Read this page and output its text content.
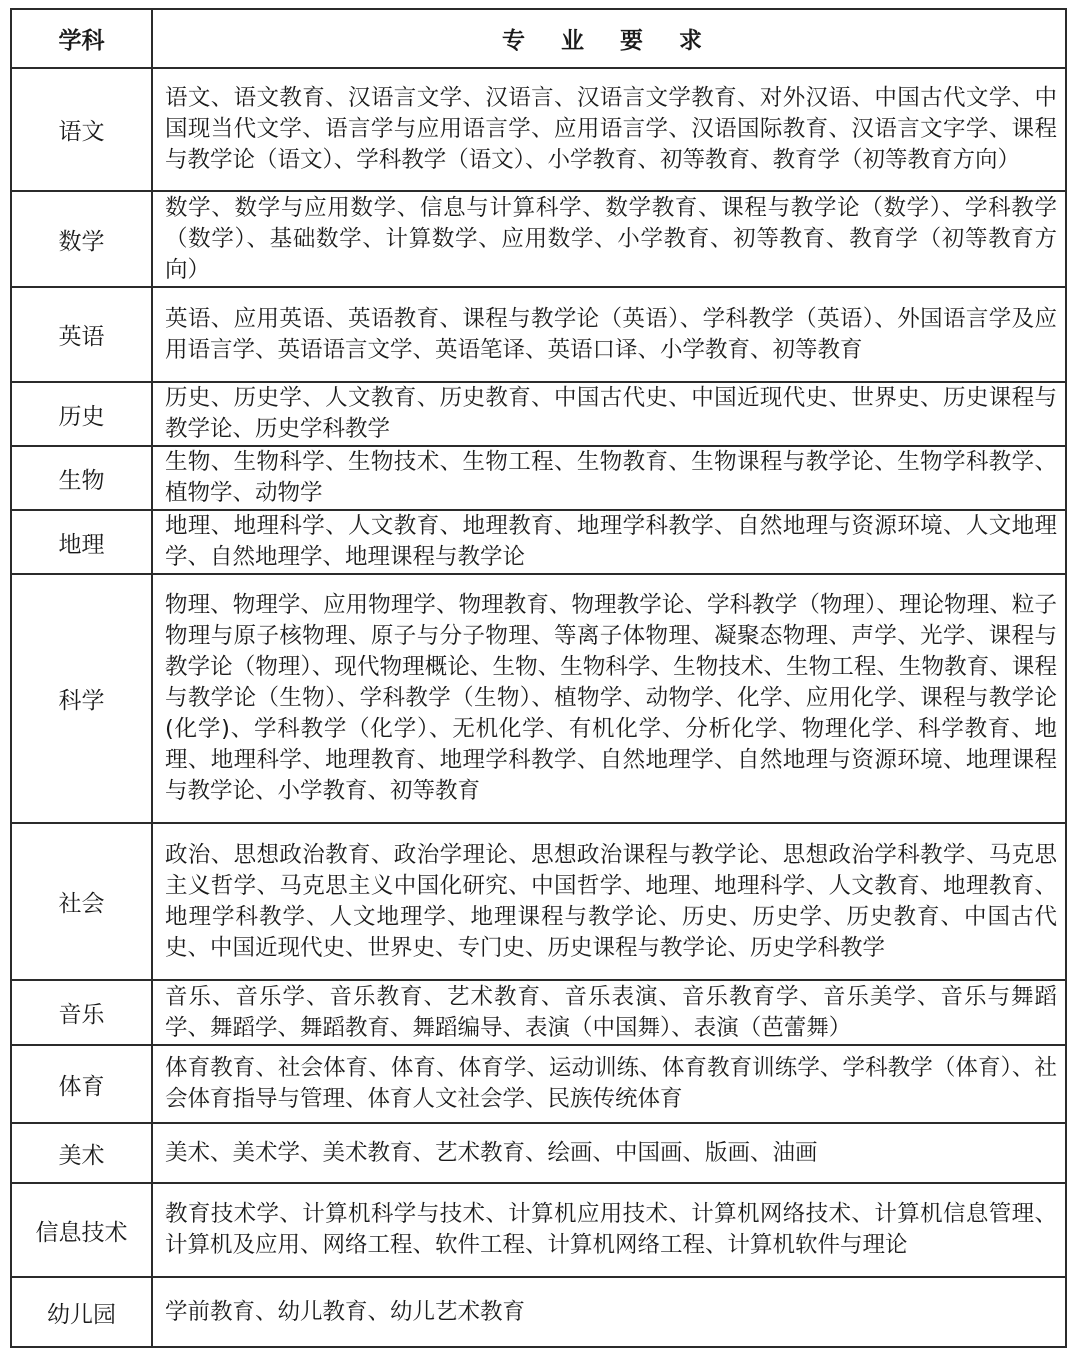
学科	专 业 要 求
语文	语文、语文教育、汉语言文学、汉语言、汉语言文学教育、对外汉语、中国古代文学、中国现当代文学、语言学与应用语言学、应用语言学、汉语国际教育、汉语言文字学、课程与教学论（语文）、学科教学（语文）、小学教育、初等教育、教育学（初等教育方向）
数学	数学、数学与应用数学、信息与计算科学、数学教育、课程与教学论（数学）、学科教学（数学）、基础数学、计算数学、应用数学、小学教育、初等教育、教育学（初等教育方向）
英语	英语、应用英语、英语教育、课程与教学论（英语）、学科教学（英语）、外国语言学及应用语言学、英语语言文学、英语笔译、英语口译、小学教育、初等教育
历史	历史、历史学、人文教育、历史教育、中国古代史、中国近现代史、世界史、历史课程与教学论、历史学科教学
生物	生物、生物科学、生物技术、生物工程、生物教育、生物课程与教学论、生物学科教学、植物学、动物学
地理	地理、地理科学、人文教育、地理教育、地理学科教学、自然地理与资源环境、人文地理学、自然地理学、地理课程与教学论
科学	物理、物理学、应用物理学、物理教育、物理教学论、学科教学（物理）、理论物理、粒子物理与原子核物理、原子与分子物理、等离子体物理、凝聚态物理、声学、光学、课程与教学论（物理）、现代物理概论、生物、生物科学、生物技术、生物工程、生物教育、课程与教学论（生物）、学科教学（生物）、植物学、动物学、化学、应用化学、课程与教学论(化学)、学科教学（化学）、无机化学、有机化学、分析化学、物理化学、科学教育、地理、地理科学、地理教育、地理学科教学、自然地理学、自然地理与资源环境、地理课程与教学论、小学教育、初等教育
社会	政治、思想政治教育、政治学理论、思想政治课程与教学论、思想政治学科教学、马克思主义哲学、马克思主义中国化研究、中国哲学、地理、地理科学、人文教育、地理教育、地理学科教学、人文地理学、地理课程与教学论、历史、历史学、历史教育、中国古代史、中国近现代史、世界史、专门史、历史课程与教学论、历史学科教学
音乐	音乐、音乐学、音乐教育、艺术教育、音乐表演、音乐教育学、音乐美学、音乐与舞蹈学、舞蹈学、舞蹈教育、舞蹈编导、表演（中国舞）、表演（芭蕾舞）
体育	体育教育、社会体育、体育、体育学、运动训练、体育教育训练学、学科教学（体育）、社会体育指导与管理、体育人文社会学、民族传统体育
美术	美术、美术学、美术教育、艺术教育、绘画、中国画、版画、油画
信息技术	教育技术学、计算机科学与技术、计算机应用技术、计算机网络技术、计算机信息管理、计算机及应用、网络工程、软件工程、计算机网络工程、计算机软件与理论
幼儿园	学前教育、幼儿教育、幼儿艺术教育
